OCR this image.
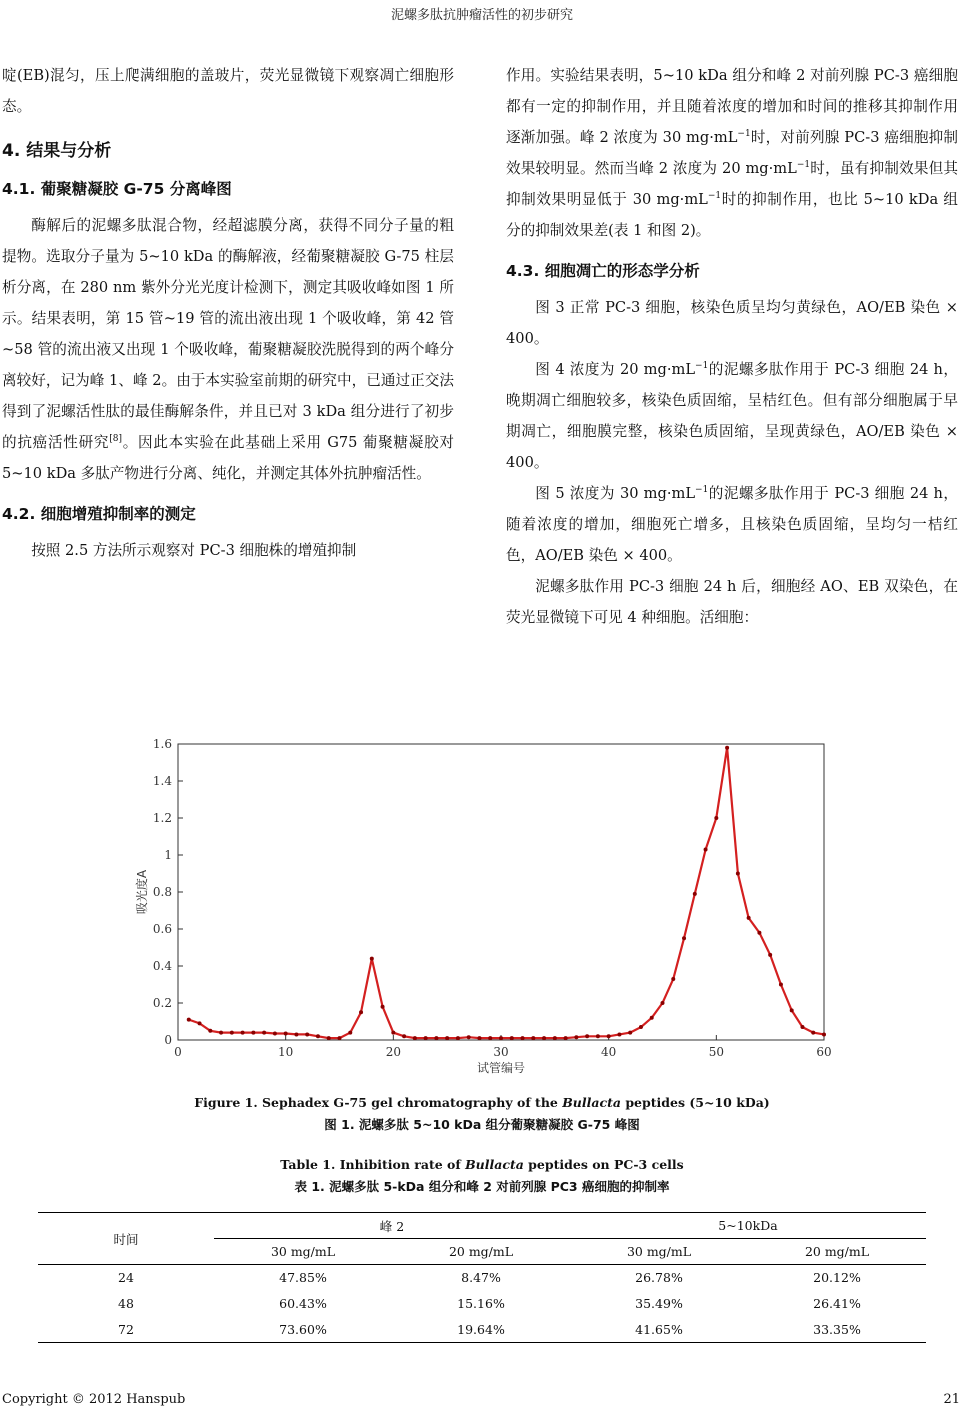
泥螺多肽抗肿瘤活性的初步研究

啶(EB)混匀，压上爬满细胞的盖玻片，荧光显微镜下观察凋亡细胞形态。

4. 结果与分析
4.1. 葡聚糖凝胶 G-75 分离峰图

酶解后的泥螺多肽混合物，经超滤膜分离，获得不同分子量的粗提物。选取分子量为 5~10 kDa 的酶解液，经葡聚糖凝胶 G-75 柱层析分离，在 280 nm 紫外分光光度计检测下，测定其吸收峰如图 1 所示。结果表明，第 15 管~19 管的流出液出现 1 个吸收峰，第 42 管~58 管的流出液又出现 1 个吸收峰，葡聚糖凝胶洗脱得到的两个峰分离较好，记为峰 1、峰 2。由于本实验室前期的研究中，已通过正交法得到了泥螺活性肽的最佳酶解条件，并且已对 3 kDa 组分进行了初步的抗癌活性研究[8]。因此本实验在此基础上采用 G75 葡聚糖凝胶对 5~10 kDa 多肽产物进行分离、纯化，并测定其体外抗肿瘤活性。

4.2. 细胞增殖抑制率的测定

按照 2.5 方法所示观察对 PC-3 细胞株的增殖抑制

作用。实验结果表明，5~10 kDa 组分和峰 2 对前列腺 PC-3 癌细胞都有一定的抑制作用，并且随着浓度的增加和时间的推移其抑制作用逐渐加强。峰 2 浓度为 30 $mg\cdot mL^{-1}$时，对前列腺 PC-3 癌细胞抑制效果较明显。然而当峰 2 浓度为 20 $mg\cdot mL^{-1}$时，虽有抑制效果但其抑制效果明显低于 30 $mg\cdot mL^{-1}$时的抑制作用，也比 5~10 kDa 组分的抑制效果差(表 1 和图 2)。

4.3. 细胞凋亡的形态学分析

图 3 正常 PC-3 细胞，核染色质呈均匀黄绿色，AO/EB 染色 × 400。

图 4 浓度为 20 $mg\cdot mL^{-1}$的泥螺多肽作用于 PC-3 细胞 24 h，晚期凋亡细胞较多，核染色质固缩，呈桔红色。但有部分细胞属于早期凋亡，细胞膜完整，核染色质固缩，呈现黄绿色，AO/EB 染色 × 400。

图 5 浓度为 30 $mg\cdot mL^{-1}$的泥螺多肽作用于 PC-3 细胞 24 h，随着浓度的增加，细胞死亡增多，且核染色质固缩，呈均匀一桔红色，AO/EB 染色 × 400。

泥螺多肽作用 PC-3 细胞 24 h 后，细胞经 AO、EB 双染色，在荧光显微镜下可见 4 种细胞。活细胞：

0	10	20	30	40	50	60
0
0.2
0.4
0.6
0.8
1
1.2
1.4
1.6
试管编号
吸光度A
Figure 1. Sephadex G-75 gel chromatography of the Bullacta peptides (5~10 kDa)
图 1. 泥螺多肽 5~10 kDa 组分葡聚糖凝胶 G-75 峰图
Table 1. Inhibition rate of Bullacta peptides on PC-3 cells
表 1. 泥螺多肽 5-kDa 组分和峰 2 对前列腺 PC3 癌细胞的抑制率
时间	峰 2		5~10kDa	
	30 mg/mL	20 mg/mL	30 mg/mL	20 mg/mL
24	47.85%	8.47%	26.78%	20.12%
48	60.43%	15.16%	35.49%	26.41%
72	73.60%	19.64%	41.65%	33.35%
Copyright © 2012 Hanspub	21
